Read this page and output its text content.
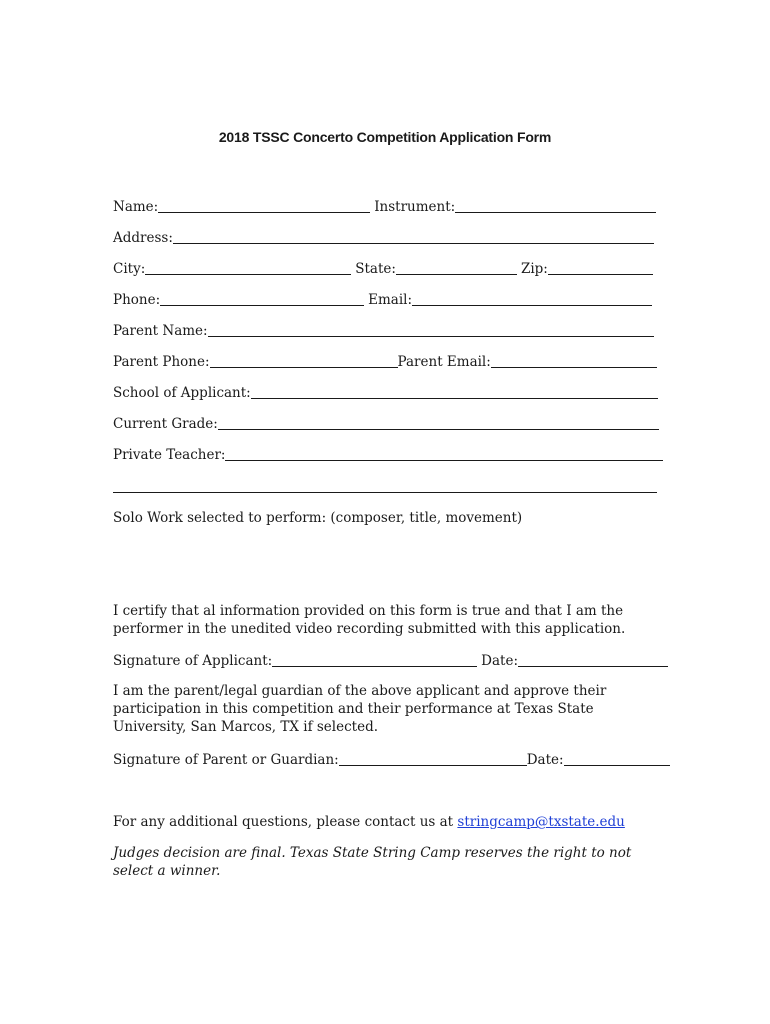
2018 TSSC Concerto Competition Application Form
Name:	Instrument:
Address:
City:	State:	Zip:
Phone:	Email:
Parent Name:
Parent Phone:	Parent Email:
School of Applicant:
Current Grade:
Private Teacher:
Solo Work selected to perform: (composer, title, movement)
I certify that al information provided on this form is true and that I am the performer in the unedited video recording submitted with this application.
Signature of Applicant:	Date:
I am the parent/legal guardian of the above applicant and approve their participation in this competition and their performance at Texas State University, San Marcos, TX if selected.
Signature of Parent or Guardian:	Date:
For any additional questions, please contact us at stringcamp@txstate.edu
Judges decision are final. Texas State String Camp reserves the right to not select a winner.
